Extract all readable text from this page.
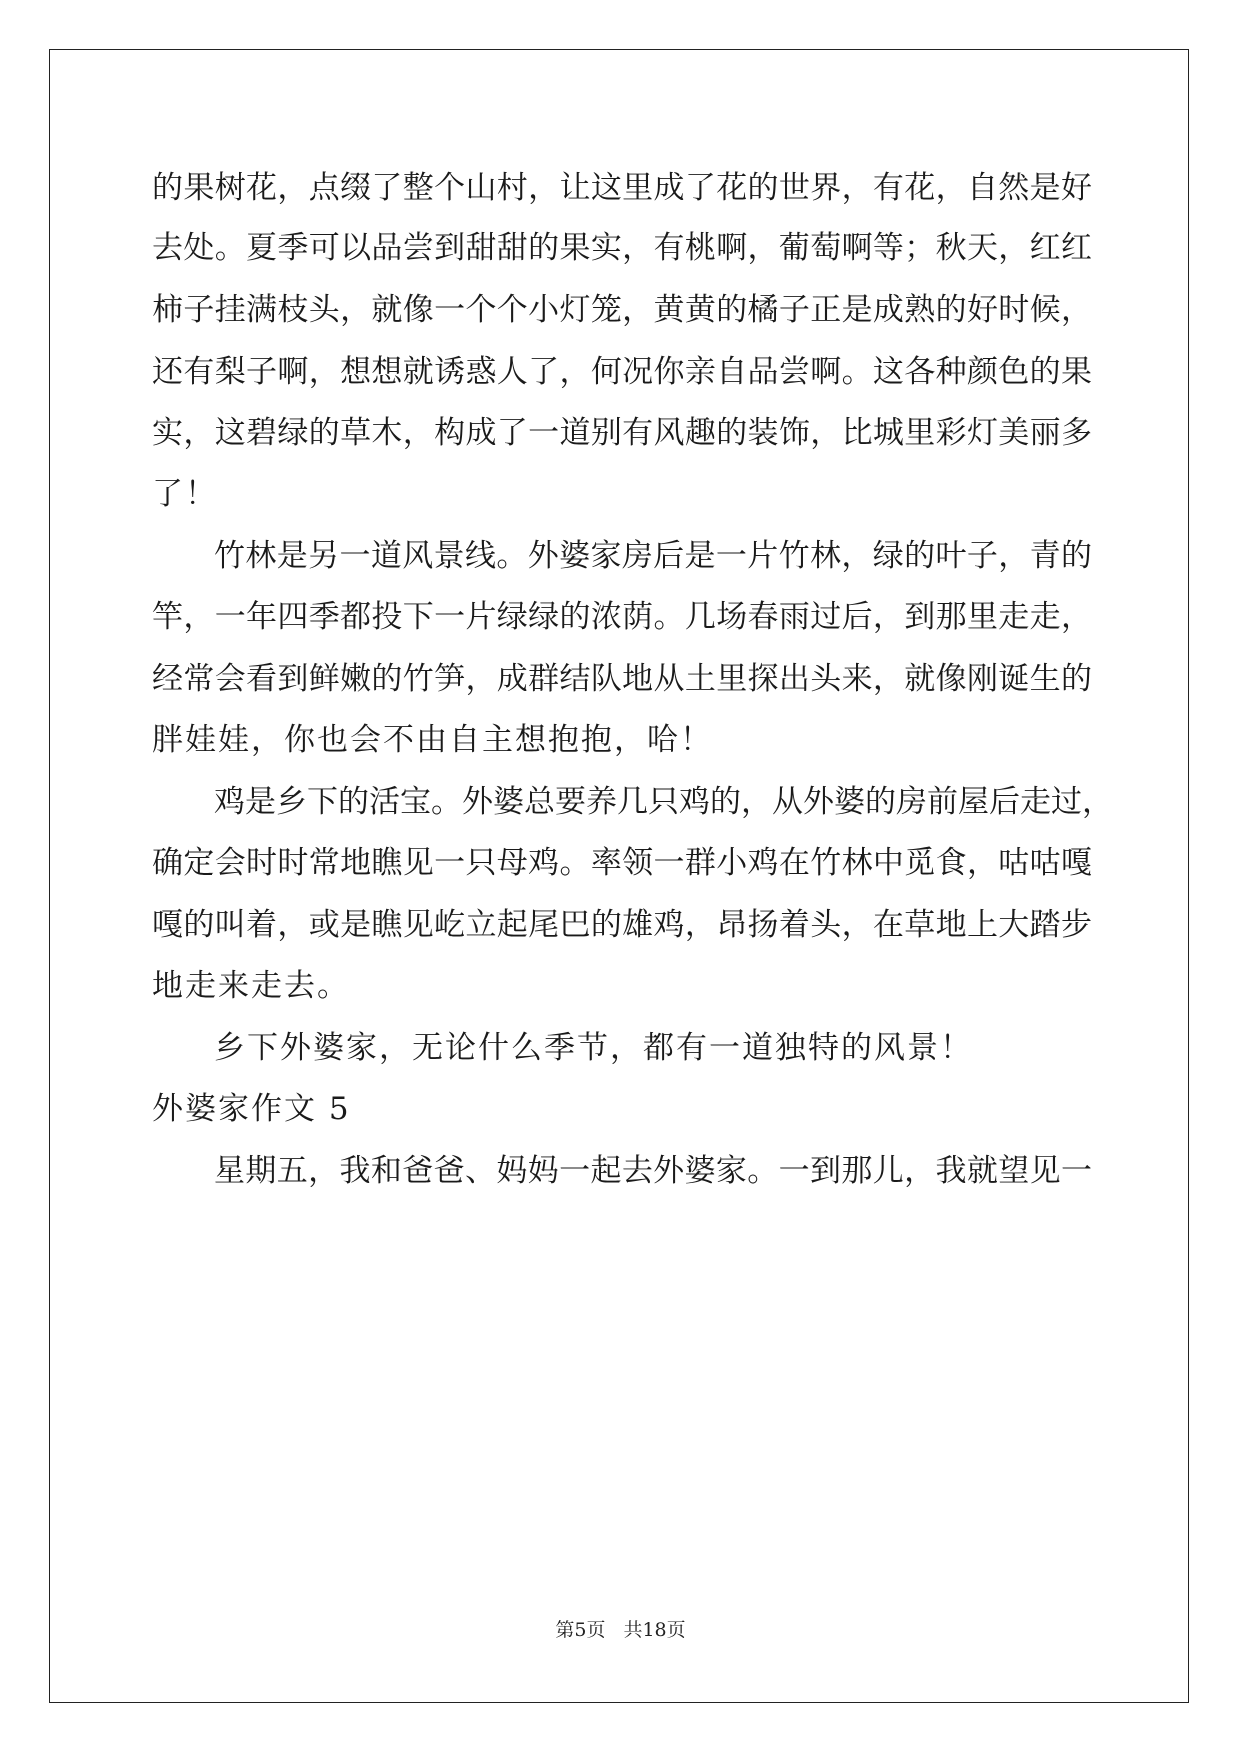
的果树花，点缀了整个山村，让这里成了花的世界，有花，自然是好
去处。夏季可以品尝到甜甜的果实，有桃啊，葡萄啊等；秋天，红红
柿子挂满枝头，就像一个个小灯笼，黄黄的橘子正是成熟的好时候，
还有梨子啊，想想就诱惑人了，何况你亲自品尝啊。这各种颜色的果
实，这碧绿的草木，构成了一道别有风趣的装饰，比城里彩灯美丽多
了！
竹林是另一道风景线。外婆家房后是一片竹林，绿的叶子，青的
竿，一年四季都投下一片绿绿的浓荫。几场春雨过后，到那里走走，
经常会看到鲜嫩的竹笋，成群结队地从土里探出头来，就像刚诞生的
胖娃娃，你也会不由自主想抱抱，哈！
鸡是乡下的活宝。外婆总要养几只鸡的，从外婆的房前屋后走过，
确定会时时常地瞧见一只母鸡。率领一群小鸡在竹林中觅食，咕咕嘎
嘎的叫着，或是瞧见屹立起尾巴的雄鸡，昂扬着头，在草地上大踏步
地走来走去。
乡下外婆家，无论什么季节，都有一道独特的风景！
外婆家作文 5
星期五，我和爸爸、妈妈一起去外婆家。一到那儿，我就望见一
第5页 共18页
